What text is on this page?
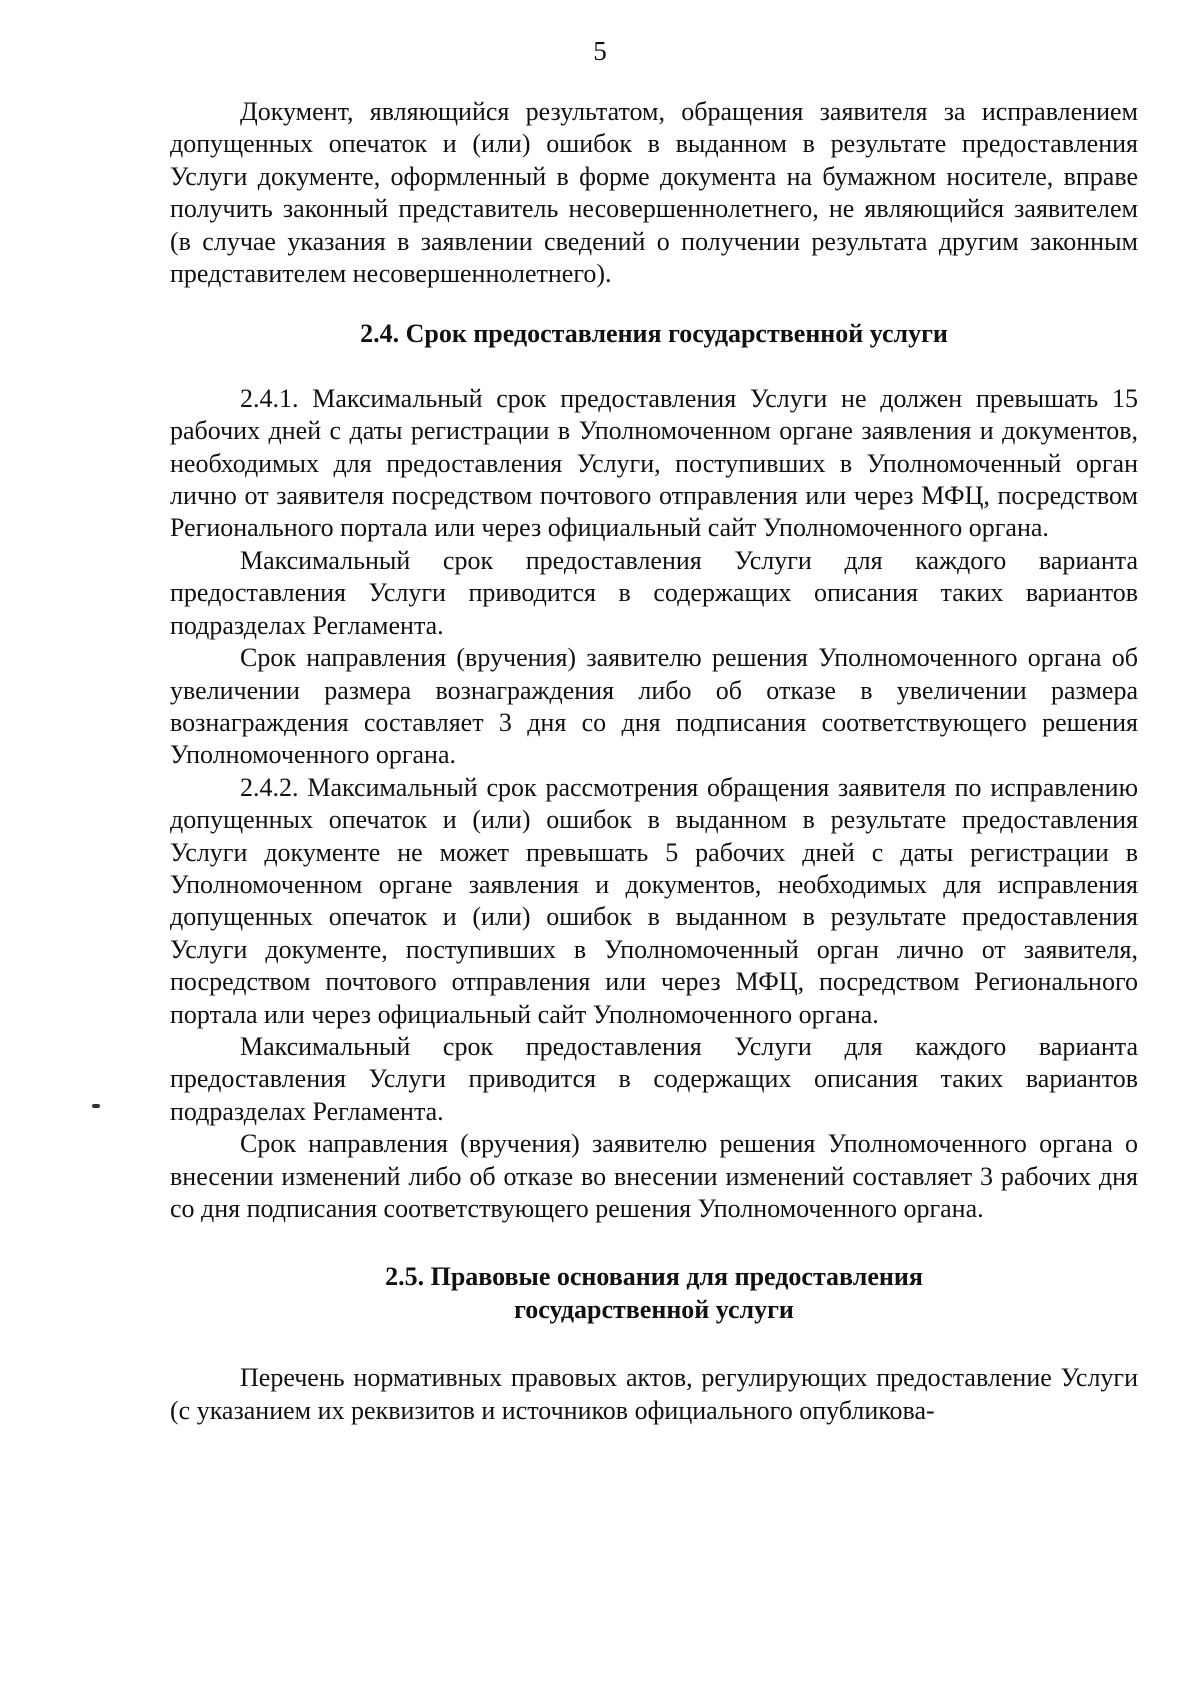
5

Документ, являющийся результатом, обращения заявителя за исправлением допущенных опечаток и (или) ошибок в выданном в результате предоставления Услуги документе, оформленный в форме документа на бумажном носителе, вправе получить законный представитель несовершеннолетнего, не являющийся заявителем (в случае указания в заявлении сведений о получении результата другим законным представителем несовершеннолетнего).

2.4. Срок предоставления государственной услуги

2.4.1. Максимальный срок предоставления Услуги не должен превышать 15 рабочих дней с даты регистрации в Уполномоченном органе заявления и документов, необходимых для предоставления Услуги, поступивших в Уполномоченный орган лично от заявителя посредством почтового отправления или через МФЦ, посредством Регионального портала или через официальный сайт Уполномоченного органа.

Максимальный срок предоставления Услуги для каждого варианта предоставления Услуги приводится в содержащих описания таких вариантов подразделах Регламента.

Срок направления (вручения) заявителю решения Уполномоченного органа об увеличении размера вознаграждения либо об отказе в увеличении размера вознаграждения составляет 3 дня со дня подписания соответствующего решения Уполномоченного органа.

2.4.2. Максимальный срок рассмотрения обращения заявителя по исправлению допущенных опечаток и (или) ошибок в выданном в результате предоставления Услуги документе не может превышать 5 рабочих дней с даты регистрации в Уполномоченном органе заявления и документов, необходимых для исправления допущенных опечаток и (или) ошибок в выданном в результате предоставления Услуги документе, поступивших в Уполномоченный орган лично от заявителя, посредством почтового отправления или через МФЦ, посредством Регионального портала или через официальный сайт Уполномоченного органа.

Максимальный срок предоставления Услуги для каждого варианта предоставления Услуги приводится в содержащих описания таких вариантов подразделах Регламента.

Срок направления (вручения) заявителю решения Уполномоченного органа о внесении изменений либо об отказе во внесении изменений составляет 3 рабочих дня со дня подписания соответствующего решения Уполномоченного органа.

2.5. Правовые основания для предоставления
государственной услуги

Перечень нормативных правовых актов, регулирующих предоставление Услуги (с указанием их реквизитов и источников официального опубликова-
